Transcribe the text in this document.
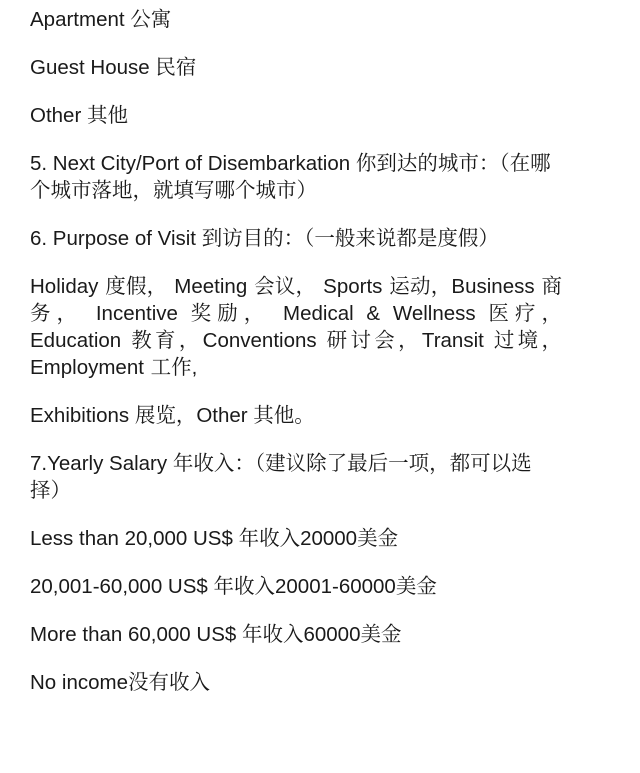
Apartment 公寓

Guest House 民宿

Other 其他

5. Next City/Port of Disembarkation 你到达的城市：（在哪个城市落地，就填写哪个城市）

6. Purpose of Visit 到访目的：（一般来说都是度假）

Holiday 度假， Meeting 会议， Sports 运动，Business 商务， Incentive 奖励， Medical & Wellness 医疗，Education 教育，Conventions 研讨会，Transit 过境，Employment 工作,

Exhibitions 展览，Other 其他。

7.Yearly Salary 年收入：（建议除了最后一项，都可以选择）

Less than 20,000 US$ 年收入20000美金

20,001-60,000 US$ 年收入20001-60000美金

More than 60,000 US$ 年收入60000美金

No income没有收入
